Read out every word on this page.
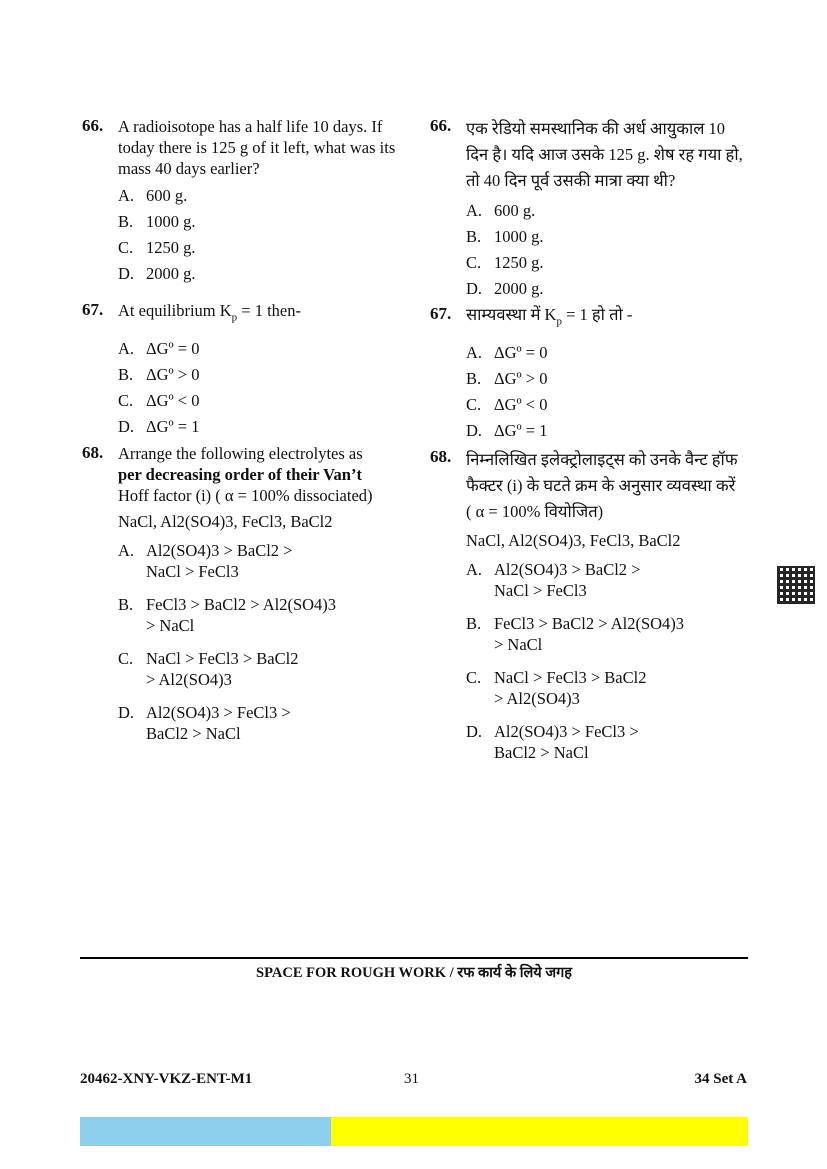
66. A radioisotope has a half life 10 days. If today there is 125 g of it left, what was its mass 40 days earlier?
A. 600 g.
B. 1000 g.
C. 1250 g.
D. 2000 g.
67. At equilibrium $K_p = 1$ then-
A. ΔGº = 0
B. ΔGº > 0
C. ΔGº < 0
D. ΔGº = 1
68. Arrange the following electrolytes as
per decreasing order of their Van’t
Hoff factor (i) ( α = 100% dissociated)
NaCl, Al2(SO4)3, FeCl3, BaCl2
A. Al2(SO4)3 > BaCl2 >
NaCl > FeCl3
B. FeCl3 > BaCl2 > Al2(SO4)3
> NaCl
C. NaCl > FeCl3 > BaCl2
> Al2(SO4)3
D. Al2(SO4)3 > FeCl3 >
BaCl2 > NaCl
66. एक रेडियो समस्थानिक की अर्ध आयुकाल 10 दिन है। यदि आज उसके 125 g. शेष रह गया हो, तो 40 दिन पूर्व उसकी मात्रा क्या थी?
A. 600 g.
B. 1000 g.
C. 1250 g.
D. 2000 g.
67. साम्यवस्था में $K_p = 1$ हो तो -
A. ΔGº = 0
B. ΔGº > 0
C. ΔGº < 0
D. ΔGº = 1
68. निम्नलिखित इलेक्ट्रोलाइट्स को उनके वैन्ट हॉफ फैक्टर (i) के घटते क्रम के अनुसार व्यवस्था करें
( α = 100% वियोजित)
NaCl, Al2(SO4)3, FeCl3, BaCl2
A. Al2(SO4)3 > BaCl2 >
NaCl > FeCl3
B. FeCl3 > BaCl2 > Al2(SO4)3
> NaCl
C. NaCl > FeCl3 > BaCl2
> Al2(SO4)3
D. Al2(SO4)3 > FeCl3 >
BaCl2 > NaCl
SPACE FOR ROUGH WORK / रफ कार्य के लिये जगह
20462-XNY-VKZ-ENT-M1	31	34 Set A
